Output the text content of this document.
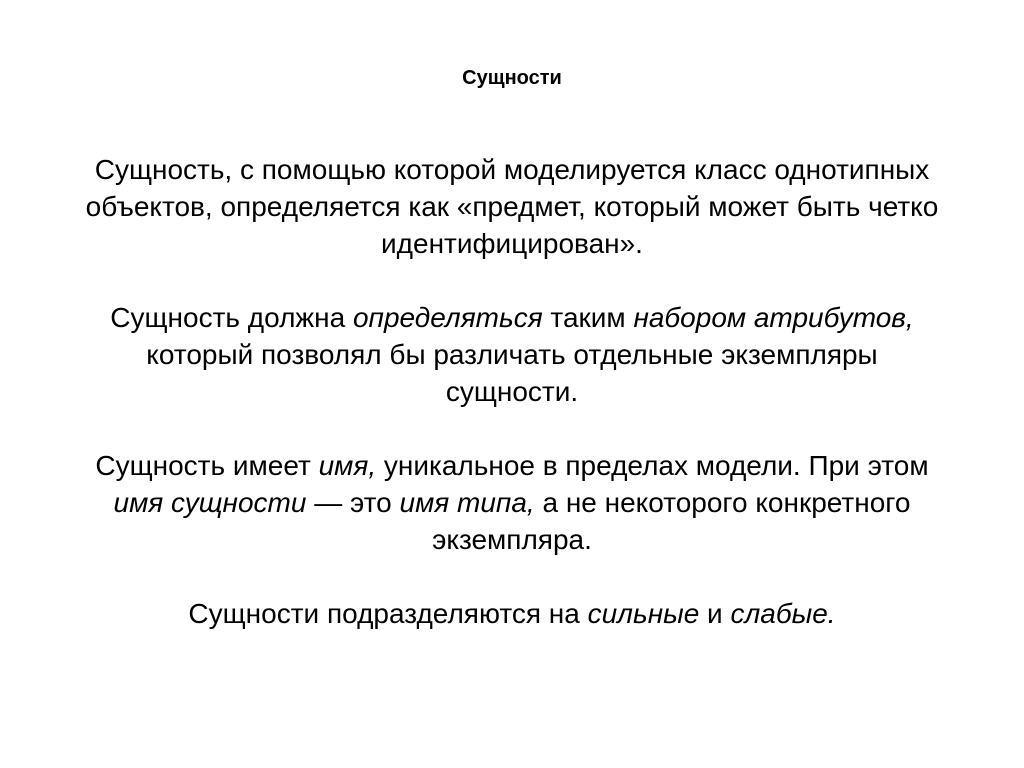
Сущности

Сущность, с помощью которой моделируется класс однотипных
объектов, определяется как «предмет, который может быть четко
идентифицирован».

Сущность должна определяться таким набором атрибутов,
который позволял бы различать отдельные экземпляры
сущности.

Сущность имеет имя, уникальное в пределах модели. При этом
имя сущности — это имя типа, а не некоторого конкретного
экземпляра.

Сущности подразделяются на сильные и слабые.
